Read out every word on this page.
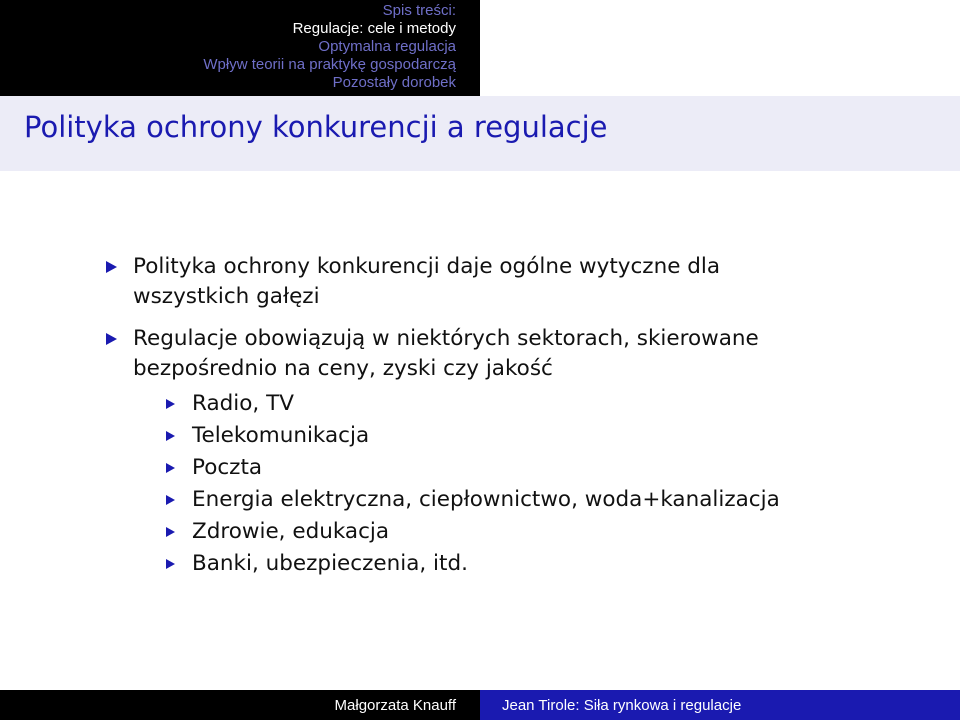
Spis treści:
Regulacje: cele i metody
Optymalna regulacja
Wpływ teorii na praktykę gospodarczą
Pozostały dorobek
Polityka ochrony konkurencji a regulacje
Polityka ochrony konkurencji daje ogólne wytyczne dla wszystkich gałęzi
Regulacje obowiązują w niektórych sektorach, skierowane bezpośrednio na ceny, zyski czy jakość
Radio, TV
Telekomunikacja
Poczta
Energia elektryczna, ciepłownictwo, woda+kanalizacja
Zdrowie, edukacja
Banki, ubezpieczenia, itd.
Małgorzata Knauff	Jean Tirole: Siła rynkowa i regulacje
